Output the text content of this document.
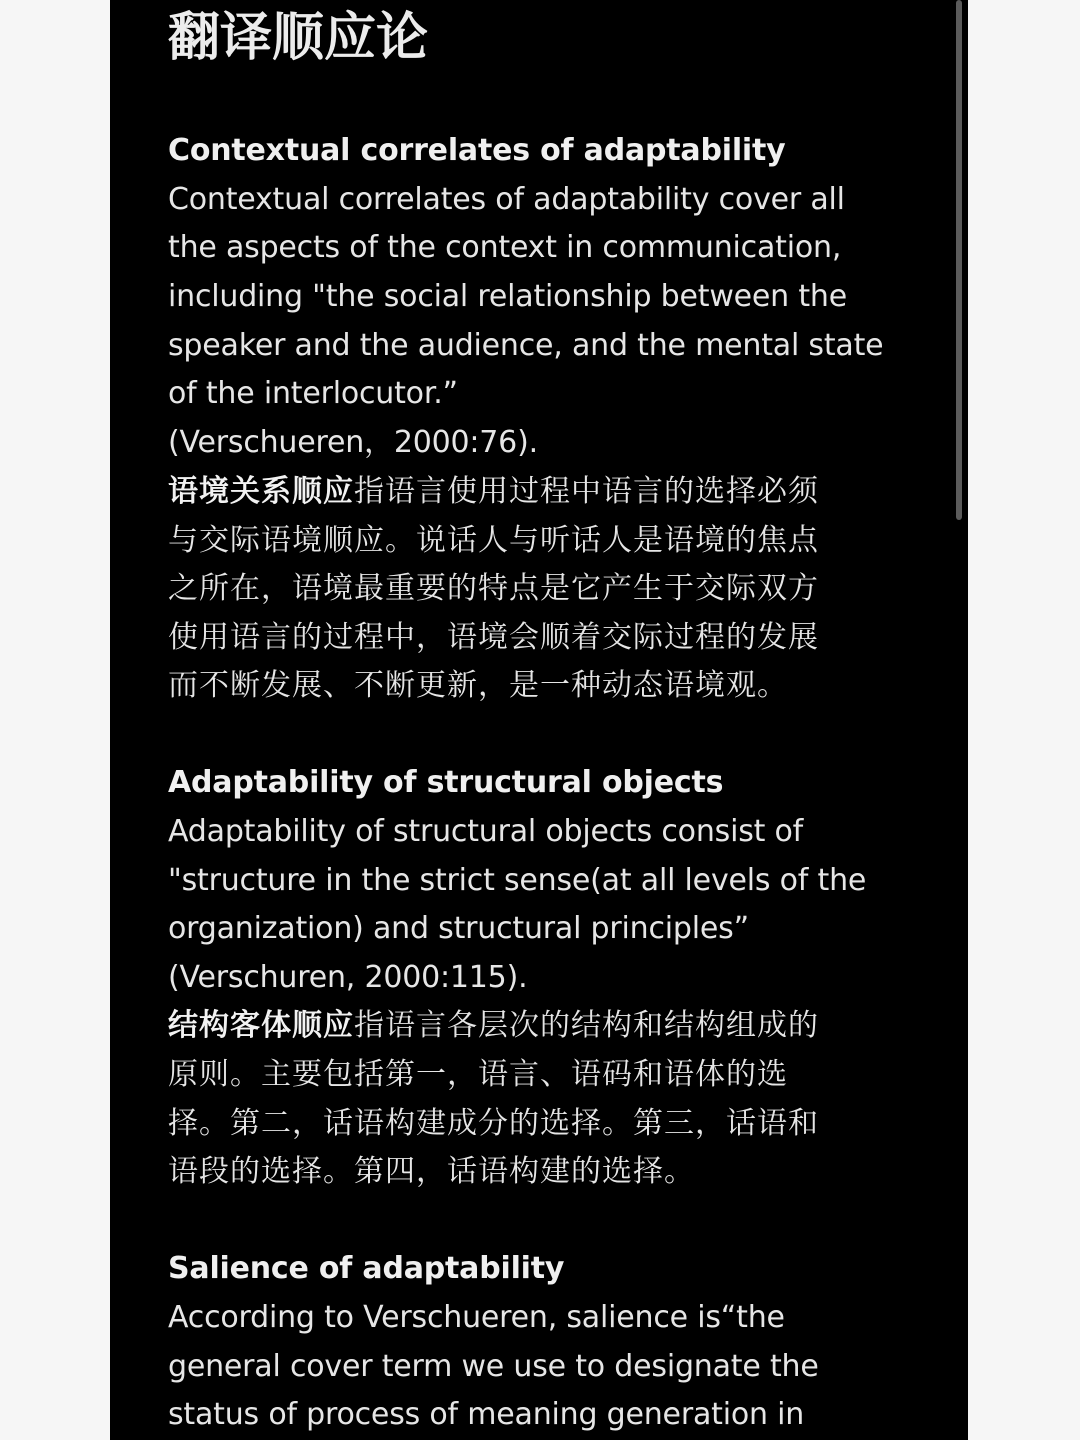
翻译顺应论

Contextual correlates of adaptability

Contextual correlates of adaptability cover all

the aspects of the context in communication,

including "the social relationship between the

speaker and the audience, and the mental state

of the interlocutor.”

(Verschueren，2000:76).

语境关系顺应指语言使用过程中语言的选择必须

与交际语境顺应。说话人与听话人是语境的焦点

之所在，语境最重要的特点是它产生于交际双方

使用语言的过程中，语境会顺着交际过程的发展

而不断发展、不断更新，是一种动态语境观。

Adaptability of structural objects

Adaptability of structural objects consist of

"structure in the strict sense(at all levels of the

organization) and structural principles”

(Verschuren, 2000:115).

结构客体顺应指语言各层次的结构和结构组成的

原则。主要包括第一，语言、语码和语体的选

择。第二，话语构建成分的选择。第三，话语和

语段的选择。第四，话语构建的选择。

Salience of adaptability

According to Verschueren, salience is“the

general cover term we use to designate the

status of process of meaning generation in
